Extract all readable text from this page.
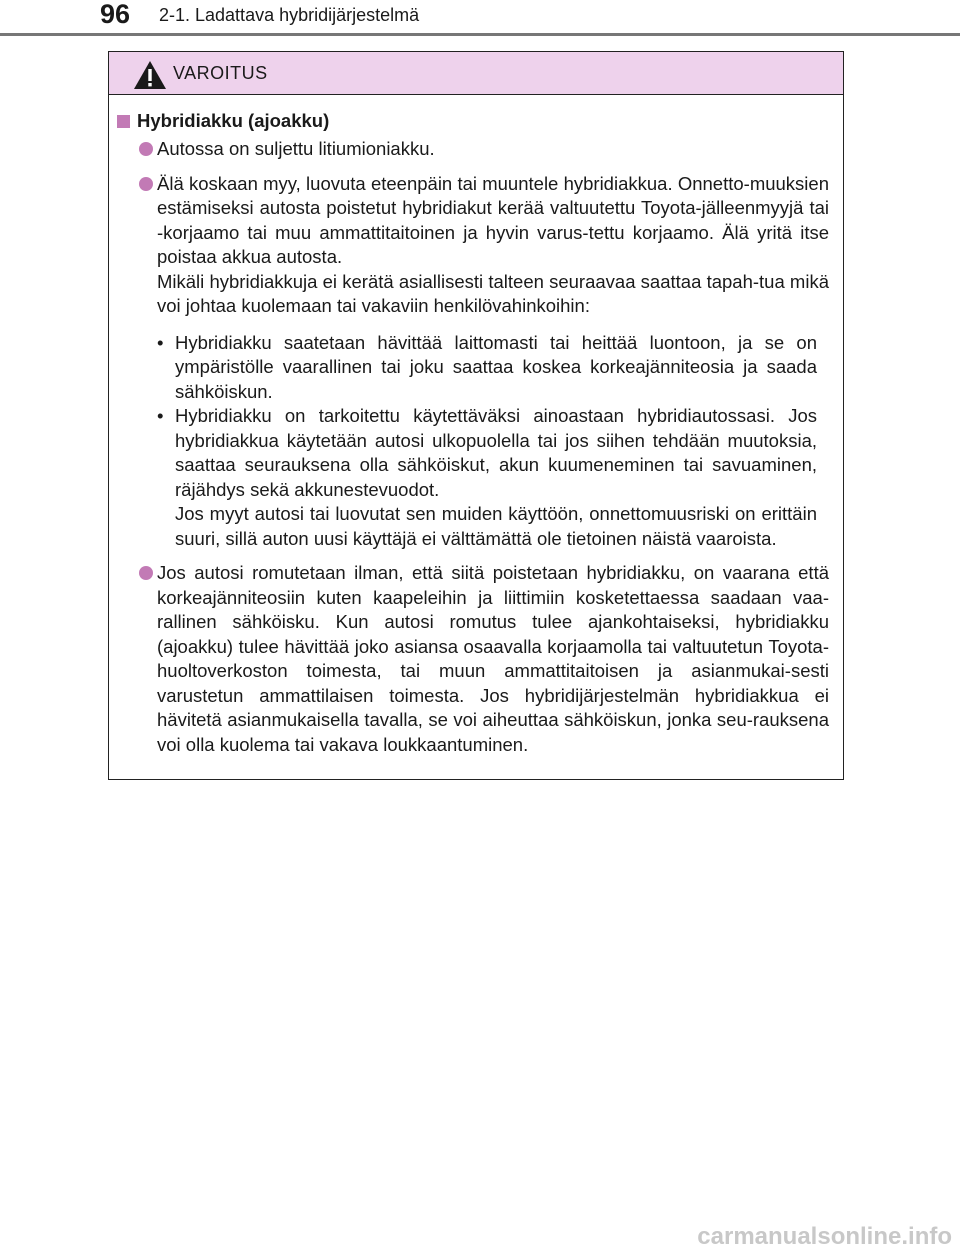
96 2-1. Ladattava hybridijärjestelmä
VAROITUS
Hybridiakku (ajoakku)
Autossa on suljettu litiumioniakku.
Älä koskaan myy, luovuta eteenpäin tai muuntele hybridiakkua. Onnetto-muuksien estämiseksi autosta poistetut hybridiakut kerää valtuutettu Toyota-jälleenmyyjä tai -korjaamo tai muu ammattitaitoinen ja hyvin varus-tettu korjaamo. Älä yritä itse poistaa akkua autosta.
Mikäli hybridiakkuja ei kerätä asiallisesti talteen seuraavaa saattaa tapah-tua mikä voi johtaa kuolemaan tai vakaviin henkilövahinkoihin:
• Hybridiakku saatetaan hävittää laittomasti tai heittää luontoon, ja se on ympäristölle vaarallinen tai joku saattaa koskea korkeajänniteosia ja saada sähköiskun.
• Hybridiakku on tarkoitettu käytettäväksi ainoastaan hybridiautossasi. Jos hybridiakkua käytetään autosi ulkopuolella tai jos siihen tehdään muutoksia, saattaa seurauksena olla sähköiskut, akun kuumeneminen tai savuaminen, räjähdys sekä akkunestevuodot.
Jos myyt autosi tai luovutat sen muiden käyttöön, onnettomuusriski on erittäin suuri, sillä auton uusi käyttäjä ei välttämättä ole tietoinen näistä vaaroista.
Jos autosi romutetaan ilman, että siitä poistetaan hybridiakku, on vaarana että korkeajänniteosiin kuten kaapeleihin ja liittimiin kosketettaessa saadaan vaa-rallinen sähköisku. Kun autosi romutus tulee ajankohtaiseksi, hybridiakku (ajoakku) tulee hävittää joko asiansa osaavalla korjaamolla tai valtuutetun Toyota-huoltoverkoston toimesta, tai muun ammattitaitoisen ja asianmukai-sesti varustetun ammattilaisen toimesta. Jos hybridijärjestelmän hybridiakkua ei hävitetä asianmukaisella tavalla, se voi aiheuttaa sähköiskun, jonka seu-rauksena voi olla kuolema tai vakava loukkaantuminen.
carmanualsonline.info
